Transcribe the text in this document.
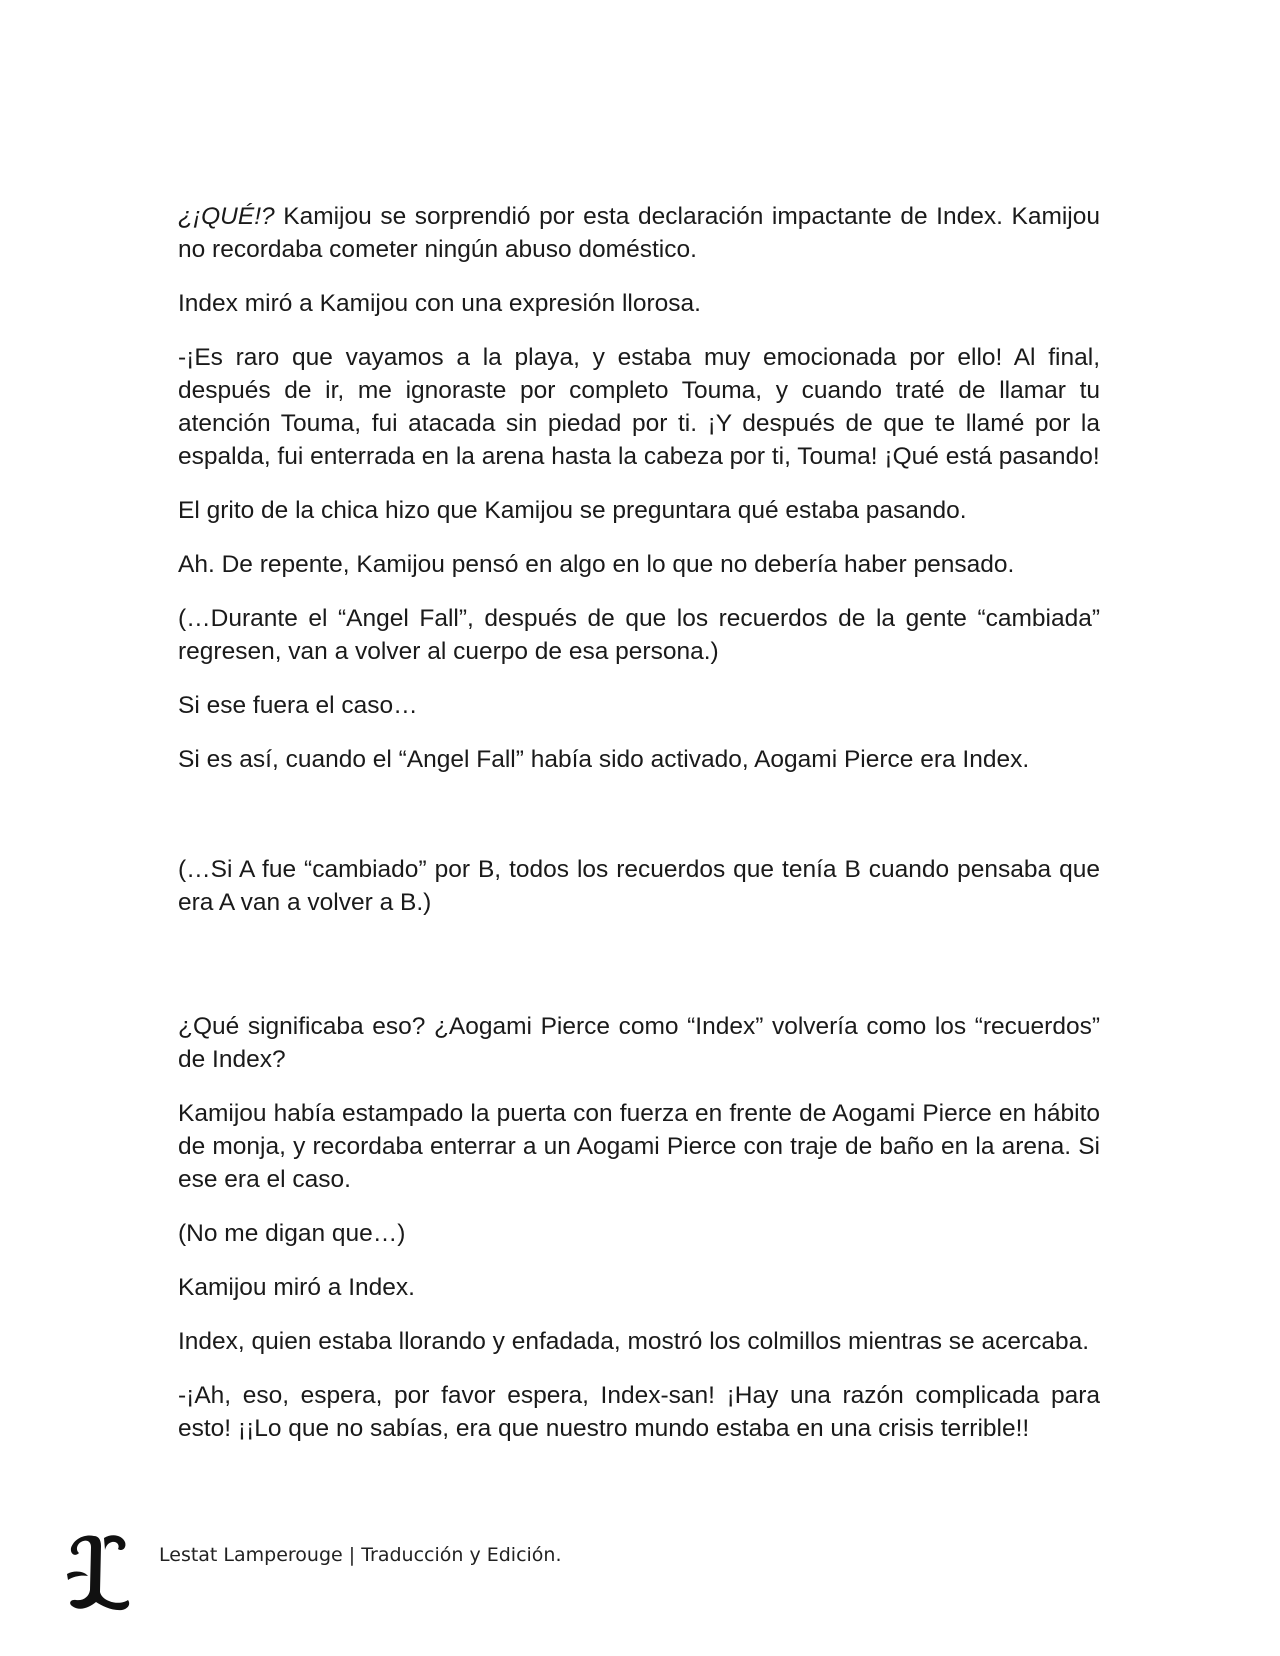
¿¡QUÉ!? Kamijou se sorprendió por esta declaración impactante de Index. Kamijou no recordaba cometer ningún abuso doméstico.

Index miró a Kamijou con una expresión llorosa.

-¡Es raro que vayamos a la playa, y estaba muy emocionada por ello! Al final, después de ir, me ignoraste por completo Touma, y cuando traté de llamar tu atención Touma, fui atacada sin piedad por ti. ¡Y después de que te llamé por la espalda, fui enterrada en la arena hasta la cabeza por ti, Touma! ¡Qué está pasando!

El grito de la chica hizo que Kamijou se preguntara qué estaba pasando.

Ah. De repente, Kamijou pensó en algo en lo que no debería haber pensado.

(…Durante el “Angel Fall”, después de que los recuerdos de la gente “cambiada” regresen, van a volver al cuerpo de esa persona.)

Si ese fuera el caso…

Si es así, cuando el “Angel Fall” había sido activado, Aogami Pierce era Index.

(…Si A fue “cambiado” por B, todos los recuerdos que tenía B cuando pensaba que era A van a volver a B.)

¿Qué significaba eso? ¿Aogami Pierce como “Index” volvería como los “recuerdos” de Index?

Kamijou había estampado la puerta con fuerza en frente de Aogami Pierce en hábito de monja, y recordaba enterrar a un Aogami Pierce con traje de baño en la arena. Si ese era el caso.

(No me digan que…)

Kamijou miró a Index.

Index, quien estaba llorando y enfadada, mostró los colmillos mientras se acercaba.

-¡Ah, eso, espera, por favor espera, Index-san! ¡Hay una razón complicada para esto! ¡¡Lo que no sabías, era que nuestro mundo estaba en una crisis terrible!!

Lestat Lamperouge | Traducción y Edición.
